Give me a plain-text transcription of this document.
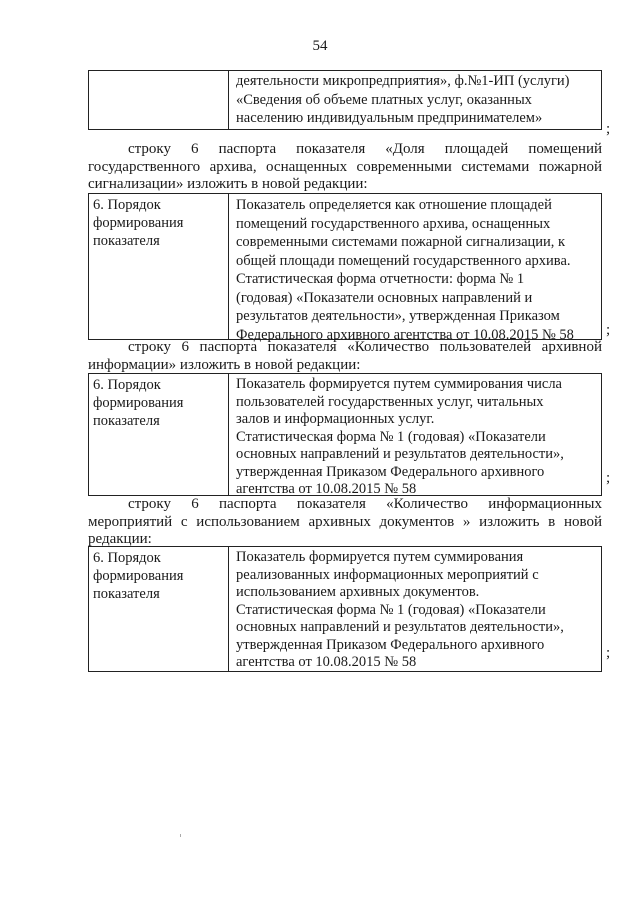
54
деятельности микропредприятия», ф.№1-ИП (услуги)
«Сведения об объеме платных услуг, оказанных
населению индивидуальным предпринимателем»
;
строку 6 паспорта показателя «Доля площадей помещений
государственного архива, оснащенных современными системами пожарной
сигнализации» изложить в новой редакции:
6. Порядок
формирования
показателя
Показатель определяется как отношение площадей
помещений государственного архива, оснащенных
современными системами пожарной сигнализации, к
общей площади помещений государственного архива.
Статистическая форма отчетности: форма № 1
(годовая) «Показатели основных направлений и
результатов деятельности», утвержденная Приказом
Федерального архивного агентства от 10.08.2015 № 58	;
строку 6 паспорта показателя «Количество пользователей архивной
информации» изложить в новой редакции:
6. Порядок
формирования
показателя
Показатель формируется путем суммирования числа
пользователей государственных услуг, читальных
залов и информационных услуг.
Статистическая форма № 1 (годовая) «Показатели
основных направлений и результатов деятельности»,
утвержденная Приказом Федерального архивного
агентства от 10.08.2015 № 58
;
строку 6 паспорта показателя «Количество информационных
мероприятий с использованием архивных документов » изложить в новой
редакции:
6. Порядок
формирования
показателя
Показатель формируется путем суммирования
реализованных информационных мероприятий с
использованием архивных документов.
Статистическая форма № 1 (годовая) «Показатели
основных направлений и результатов деятельности»,
утвержденная Приказом Федерального архивного
агентства от 10.08.2015 № 58
;
